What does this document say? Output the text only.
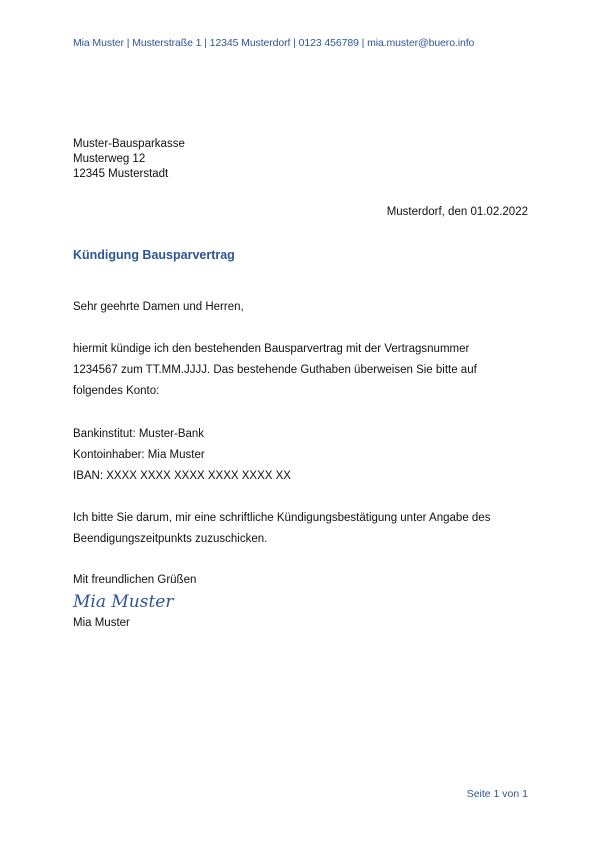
Mia Muster | Musterstraße 1 | 12345 Musterdorf | 0123 456789 | mia.muster@buero.info
Muster-Bausparkasse
Musterweg 12
12345 Musterstadt
Musterdorf, den 01.02.2022
Kündigung Bausparvertrag
Sehr geehrte Damen und Herren,
hiermit kündige ich den bestehenden Bausparvertrag mit der Vertragsnummer
1234567 zum TT.MM.JJJJ. Das bestehende Guthaben überweisen Sie bitte auf
folgendes Konto:
Bankinstitut: Muster-Bank
Kontoinhaber: Mia Muster
IBAN: XXXX XXXX XXXX XXXX XXXX XX
Ich bitte Sie darum, mir eine schriftliche Kündigungsbestätigung unter Angabe des
Beendigungszeitpunkts zuzuschicken.
Mit freundlichen Grüßen
Mia Muster
Mia Muster
Seite 1 von 1
